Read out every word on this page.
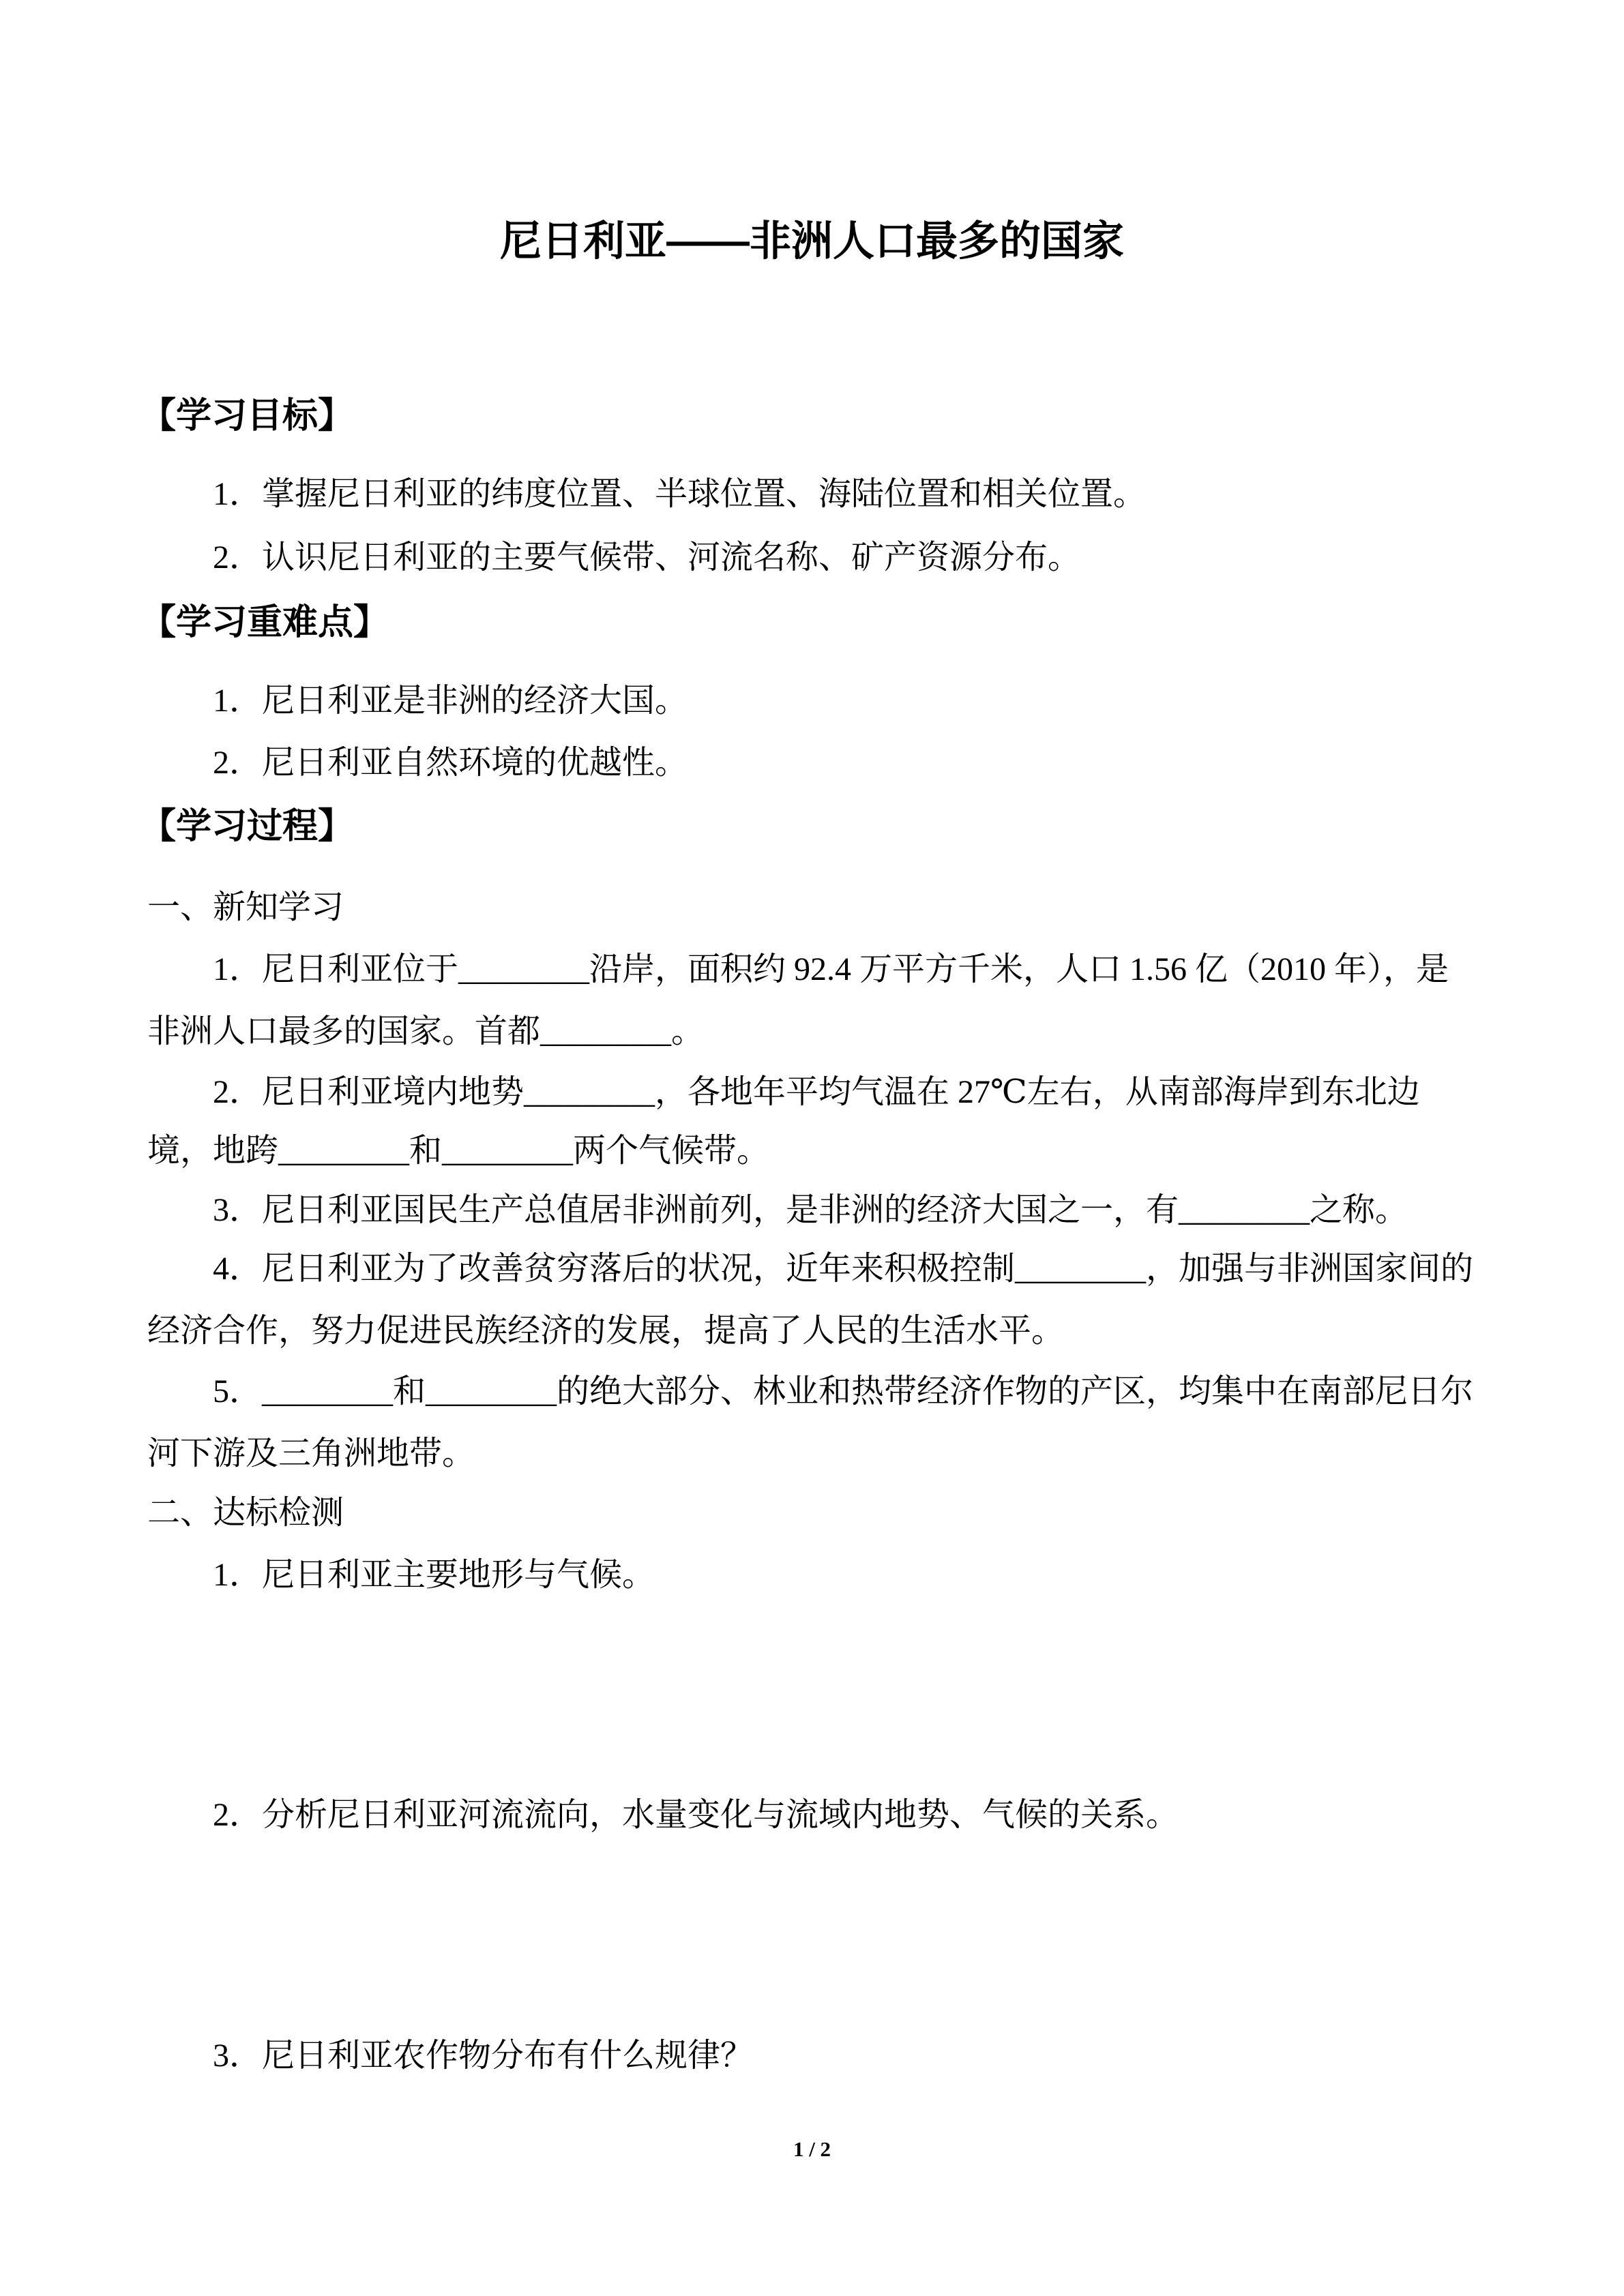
尼日利亚——非洲人口最多的国家
【学习目标】

1．掌握尼日利亚的纬度位置、半球位置、海陆位置和相关位置。

2．认识尼日利亚的主要气候带、河流名称、矿产资源分布。

【学习重难点】

1．尼日利亚是非洲的经济大国。

2．尼日利亚自然环境的优越性。

【学习过程】
一、新知学习

1．尼日利亚位于________沿岸，面积约 92.4 万平方千米，人口 1.56 亿（2010 年），是

非洲人口最多的国家。首都________。

2．尼日利亚境内地势________，各地年平均气温在 27℃左右，从南部海岸到东北边

境，地跨________和________两个气候带。

3．尼日利亚国民生产总值居非洲前列，是非洲的经济大国之一，有________之称。

4．尼日利亚为了改善贫穷落后的状况，近年来积极控制________，加强与非洲国家间的

经济合作，努力促进民族经济的发展，提高了人民的生活水平。

5．________和________的绝大部分、林业和热带经济作物的产区，均集中在南部尼日尔

河下游及三角洲地带。

二、达标检测

1．尼日利亚主要地形与气候。

2．分析尼日利亚河流流向，水量变化与流域内地势、气候的关系。

3．尼日利亚农作物分布有什么规律？

1 / 2
